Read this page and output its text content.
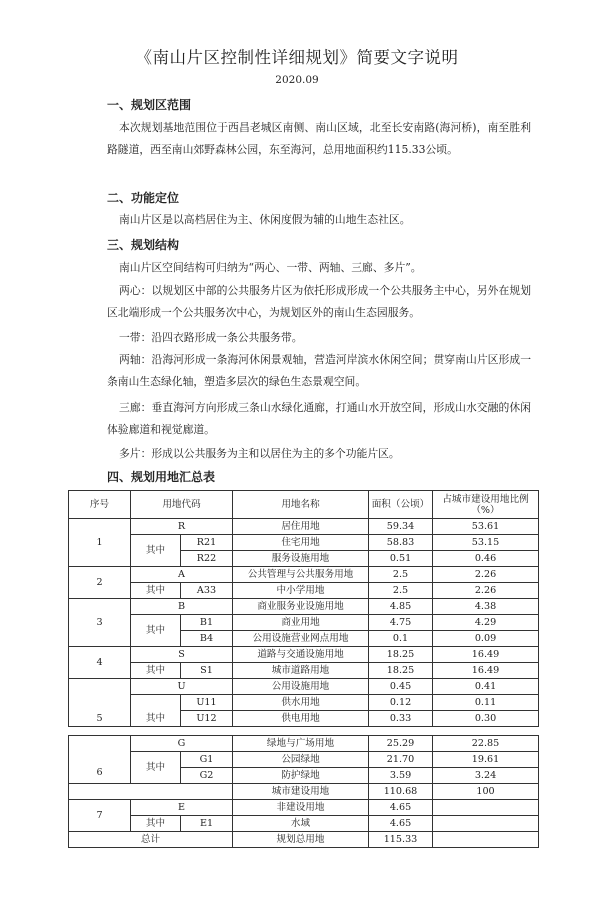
《南山片区控制性详细规划》简要文字说明
2020.09
一、规划区范围
本次规划基地范围位于西昌老城区南侧、南山区域，北至长安南路(海河桥)，南至胜利路隧道，西至南山郊野森林公园，东至海河，总用地面积约115.33公顷。
二、功能定位
南山片区是以高档居住为主、休闲度假为辅的山地生态社区。
三、规划结构
南山片区空间结构可归纳为“两心、一带、两轴、三廊、多片”。
两心：以规划区中部的公共服务片区为依托形成形成一个公共服务主中心，另外在规划区北端形成一个公共服务次中心，为规划区外的南山生态园服务。
一带：沿四衣路形成一条公共服务带。
两轴：沿海河形成一条海河休闲景观轴，营造河岸滨水休闲空间；贯穿南山片区形成一条南山生态绿化轴，塑造多层次的绿色生态景观空间。
三廊：垂直海河方向形成三条山水绿化通廊，打通山水开放空间，形成山水交融的休闲体验廊道和视觉廊道。
多片：形成以公共服务为主和以居住为主的多个功能片区。
四、规划用地汇总表
序号	用地代码		用地名称	面积（公顷）	占城市建设用地比例
（%）

1	R		居住用地	59.34	53.61
	其中	R21	住宅用地	58.83	53.15
		R22	服务设施用地	0.51	0.46
2	A		公共管理与公共服务用地	2.5	2.26
	其中	A33	中小学用地	2.5	2.26
3	B		商业服务业设施用地	4.85	4.38
	其中	B1	商业用地	4.75	4.29
		B4	公用设施营业网点用地	0.1	0.09
4	S		道路与交通设施用地	18.25	16.49
	其中	S1	城市道路用地	18.25	16.49
5	U		公用设施用地	0.45	0.41
	其中	U11	供水用地	0.12	0.11
		U12	供电用地	0.33	0.30

6	G		绿地与广场用地	25.29	22.85
	其中	G1	公园绿地	21.70	19.61
		G2	防护绿地	3.59	3.24
			城市建设用地	110.68	100
7	E		非建设用地	4.65	
	其中	E1	水域	4.65	
总计			规划总用地	115.33	
